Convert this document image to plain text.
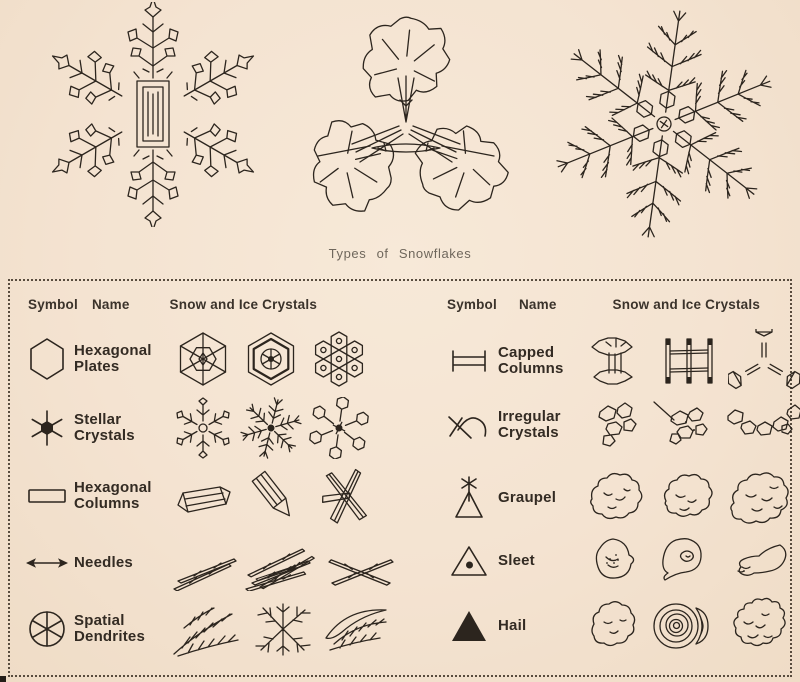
Types of Snowflakes
Symbol Name	Snow and Ice Crystals
Hexagonal Plates
Stellar Crystals
Hexagonal Columns
Needles
Spatial Dendrites
Symbol Name	Snow and Ice Crystals
Capped Columns
Irregular Crystals
Graupel
Sleet
Hail
